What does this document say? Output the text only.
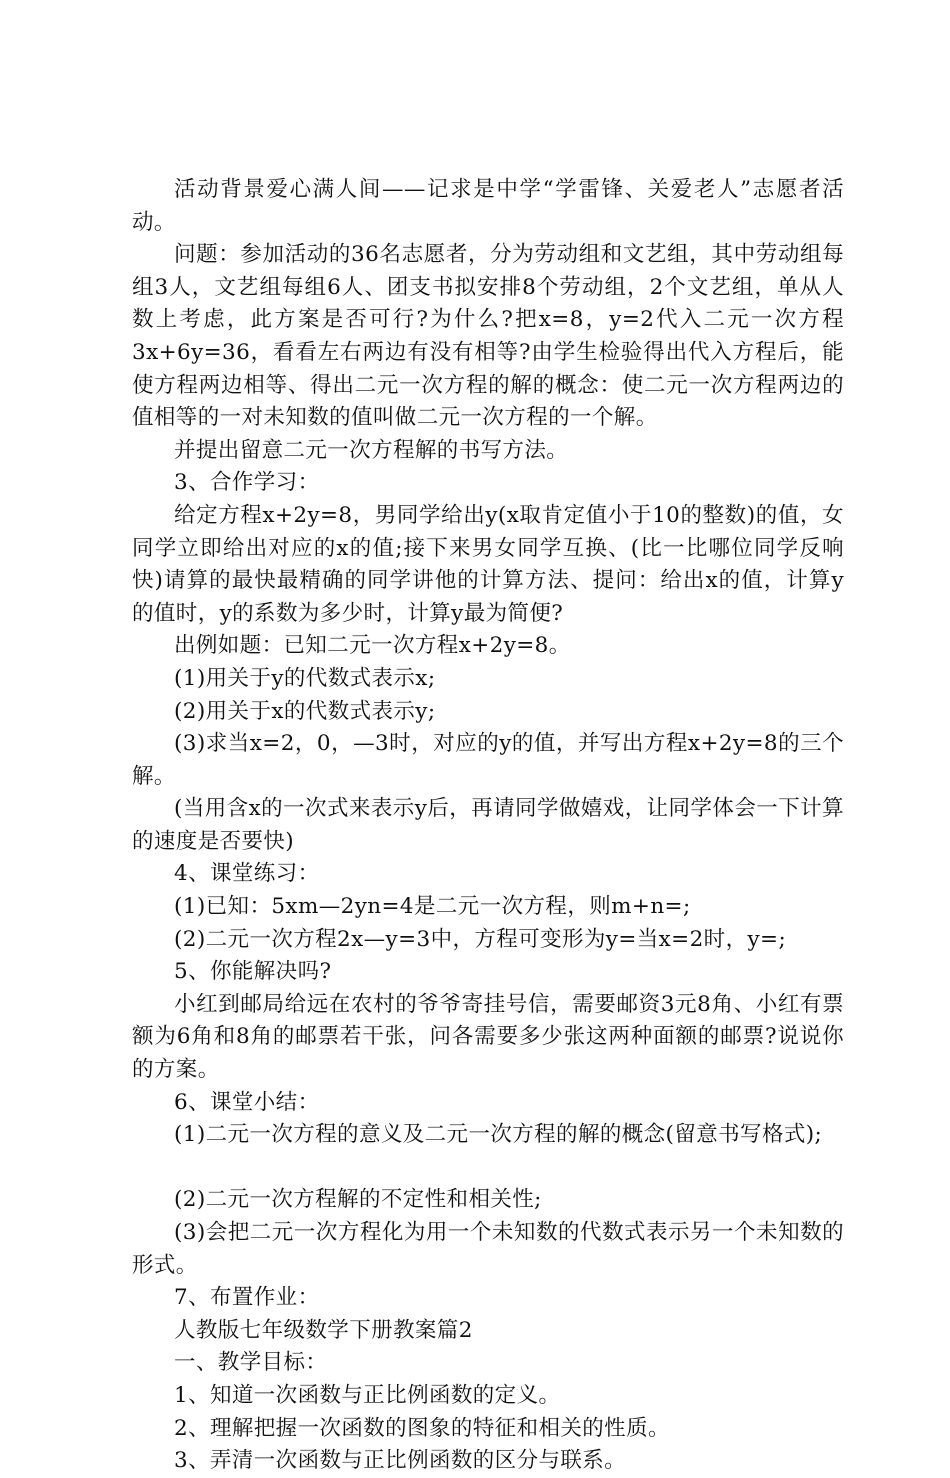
活动背景爱心满人间——记求是中学“学雷锋、关爱老人”志愿者活动。

问题：参加活动的36名志愿者，分为劳动组和文艺组，其中劳动组每组3人，文艺组每组6人、团支书拟安排8个劳动组，2个文艺组，单从人数上考虑，此方案是否可行?为什么?把x=8，y=2代入二元一次方程3x+6y=36，看看左右两边有没有相等?由学生检验得出代入方程后，能使方程两边相等、得出二元一次方程的解的概念：使二元一次方程两边的值相等的一对未知数的值叫做二元一次方程的一个解。

并提出留意二元一次方程解的书写方法。

3、合作学习：

给定方程x+2y=8，男同学给出y(x取肯定值小于10的整数)的值，女同学立即给出对应的x的值;接下来男女同学互换、(比一比哪位同学反响快)请算的最快最精确的同学讲他的计算方法、提问：给出x的值，计算y的值时，y的系数为多少时，计算y最为简便?

出例如题：已知二元一次方程x+2y=8。

(1)用关于y的代数式表示x;

(2)用关于x的代数式表示y;

(3)求当x=2，0，—3时，对应的y的值，并写出方程x+2y=8的三个解。

(当用含x的一次式来表示y后，再请同学做嬉戏，让同学体会一下计算的速度是否要快)

4、课堂练习：

(1)已知：5xm—2yn=4是二元一次方程，则m+n=;

(2)二元一次方程2x—y=3中，方程可变形为y=当x=2时，y=;

5、你能解决吗?

小红到邮局给远在农村的爷爷寄挂号信，需要邮资3元8角、小红有票额为6角和8角的邮票若干张，问各需要多少张这两种面额的邮票?说说你的方案。

6、课堂小结：

(1)二元一次方程的意义及二元一次方程的解的概念(留意书写格式);

(2)二元一次方程解的不定性和相关性;

(3)会把二元一次方程化为用一个未知数的代数式表示另一个未知数的形式。

7、布置作业：

人教版七年级数学下册教案篇2

一、教学目标：

1、知道一次函数与正比例函数的定义。

2、理解把握一次函数的图象的特征和相关的性质。

3、弄清一次函数与正比例函数的区分与联系。
